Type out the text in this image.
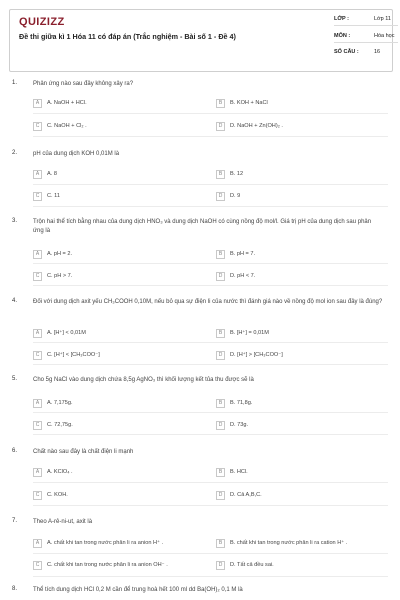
QUIZIZZ
Đề thi giữa kì 1 Hóa 11 có đáp án (Trắc nghiệm - Bài số 1 - Đề 4)
LỚP :	Lớp 11
MÔN :	Hóa học
SỐ CÂU :	16
1.	Phản ứng nào sau đây không xảy ra?
A	A. NaOH + HCl.	B	B. KOH + NaCl
C	C. NaOH + Cl₂ .	D	D. NaOH + Zn(OH)₂ .
2.	pH của dung dịch KOH 0,01M là
A	A. 8	B	B. 12
C	C. 11	D	D. 9
3.	Trộn hai thể tích bằng nhau của dung dịch HNO₃ và dung dịch NaOH có cùng nồng độ mol/l. Giá trị pH của dung dịch sau phản ứng là
A	A. pH = 2.	B	B. pH = 7.
C	C. pH > 7.	D	D. pH < 7.
4.	Đối với dung dịch axit yếu CH₃COOH 0,10M, nếu bỏ qua sự điện li của nước thì đánh giá nào về nồng độ mol ion sau đây là đúng?
A	A. [H⁺] < 0,01M	B	B. [H⁺] = 0,01M
C	C. [H⁺] < [CH₃COO⁻]	D	D. [H⁺] > [CH₃COO⁻]
5.	Cho 5g NaCl vào dung dịch chứa 8,5g AgNO₃ thì khối lượng kết tủa thu được sẽ là
A	A. 7,175g.	B	B. 71,8g.
C	C. 72,75g.	D	D. 73g.
6.	Chất nào sau đây là chất điện li mạnh
A	A. KClO₄ .	B	B. HCl.
C	C. KOH.	D	D. Cả A,B,C.
7.	Theo A-rê-ni-ut, axit là
A	A. chất khi tan trong nước phân li ra anion H⁺ .	B	B. chất khi tan trong nước phân li ra cation H⁺ .
C	C. chất khi tan trong nước phân li ra anion OH⁻ .	D	D. Tất cả đều sai.
8.	Thể tích dung dịch HCl 0,2 M cần để trung hoà hết 100 ml dd Ba(OH)₂ 0,1 M là
